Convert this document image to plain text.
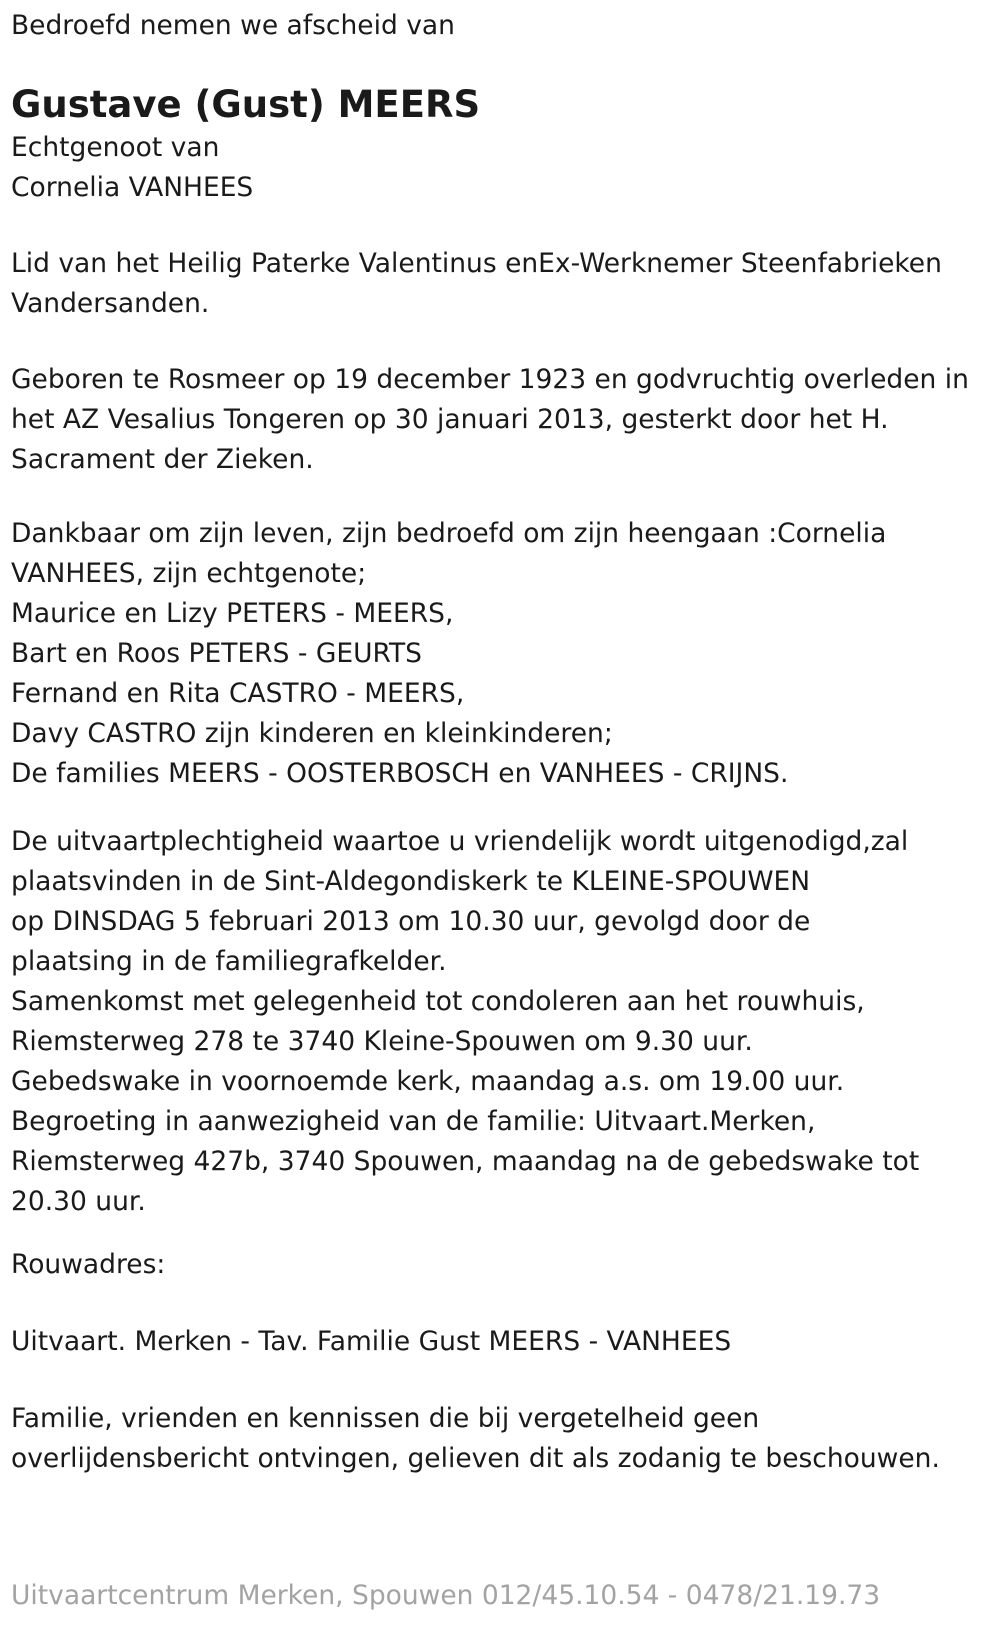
Bedroefd nemen we afscheid van

Gustave (Gust) MEERS

Echtgenoot van

Cornelia VANHEES

Lid van het Heilig Paterke Valentinus enEx-Werknemer Steenfabrieken

Vandersanden.

Geboren te Rosmeer op 19 december 1923 en godvruchtig overleden in

het AZ Vesalius Tongeren op 30 januari 2013, gesterkt door het H.

Sacrament der Zieken.

Dankbaar om zijn leven, zijn bedroefd om zijn heengaan :Cornelia

VANHEES, zijn echtgenote;

Maurice en Lizy PETERS - MEERS,

Bart en Roos PETERS - GEURTS

Fernand en Rita CASTRO - MEERS,

Davy CASTRO zijn kinderen en kleinkinderen;

De families MEERS - OOSTERBOSCH en VANHEES - CRIJNS.

De uitvaartplechtigheid waartoe u vriendelijk wordt uitgenodigd,zal

plaatsvinden in de Sint-Aldegondiskerk te KLEINE-SPOUWEN

op DINSDAG 5 februari 2013 om 10.30 uur, gevolgd door de

plaatsing in de familiegrafkelder.

Samenkomst met gelegenheid tot condoleren aan het rouwhuis,

Riemsterweg 278 te 3740 Kleine-Spouwen om 9.30 uur.

Gebedswake in voornoemde kerk, maandag a.s. om 19.00 uur.

Begroeting in aanwezigheid van de familie: Uitvaart.Merken,

Riemsterweg 427b, 3740 Spouwen, maandag na de gebedswake tot

20.30 uur.

Rouwadres:

Uitvaart. Merken - Tav. Familie Gust MEERS - VANHEES

Familie, vrienden en kennissen die bij vergetelheid geen

overlijdensbericht ontvingen, gelieven dit als zodanig te beschouwen.

Uitvaartcentrum Merken, Spouwen 012/45.10.54 - 0478/21.19.73
